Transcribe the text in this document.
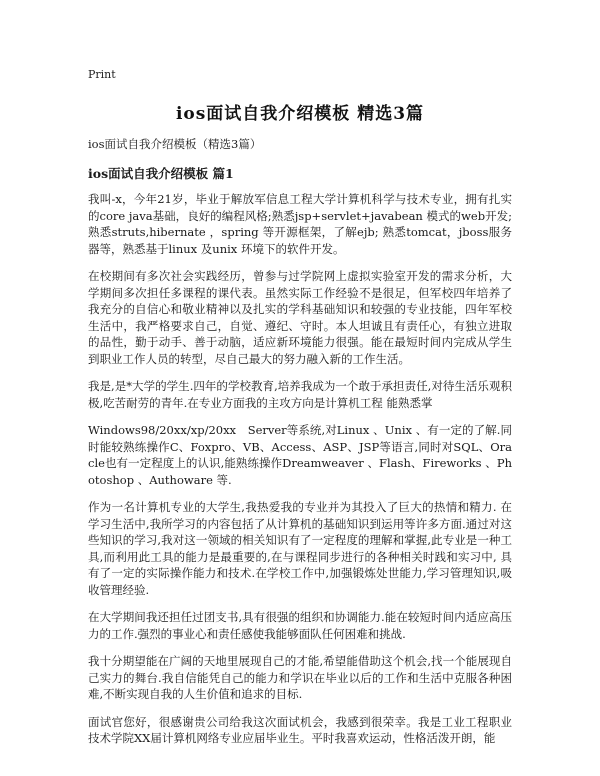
Print
ios面试自我介绍模板 精选3篇
ios面试自我介绍模板（精选3篇）
ios面试自我介绍模板 篇1

我叫-x，今年21岁，毕业于解放军信息工程大学计算机科学与技术专业，拥有扎实的core java基础，良好的编程风格;熟悉jsp+servlet+javabean 模式的web开发;熟悉struts,hibernate ，spring 等开源框架，了解ejb; 熟悉tomcat，jboss服务器等，熟悉基于linux 及unix 环境下的软件开发。

在校期间有多次社会实践经历，曾参与过学院网上虚拟实验室开发的需求分析，大学期间多次担任多课程的课代表。虽然实际工作经验不是很足，但军校四年培养了我充分的自信心和敬业精神以及扎实的学科基础知识和较强的专业技能，四年军校生活中，我严格要求自己，自觉、遵纪、守时。本人坦诚且有责任心，有独立进取的品性，勤于动手、善于动脑，适应新环境能力很强。能在最短时间内完成从学生到职业工作人员的转型，尽自己最大的努力融入新的工作生活。

我是,是*大学的学生.四年的学校教育,培养我成为一个敢于承担责任,对待生活乐观积极,吃苦耐劳的青年.在专业方面我的主攻方向是计算机工程 能熟悉掌

Windows98/20xx/xp/20xx　Server等系统,对Linux 、Unix 、有一定的了解.同时能较熟练操作C、Foxpro、VB、Access、ASP、JSP等语言,同时对SQL、Oracle也有一定程度上的认识,能熟练操作Dreamweaver 、Flash、Fireworks 、Photoshop 、Authoware 等.

作为一名计算机专业的大学生,我热爱我的专业并为其投入了巨大的热情和精力. 在学习生活中,我所学习的内容包括了从计算机的基础知识到运用等许多方面.通过对这些知识的学习,我对这一领域的相关知识有了一定程度的理解和掌握,此专业是一种工具,而利用此工具的能力是最重要的,在与课程同步进行的各种相关时践和实习中, 具有了一定的实际操作能力和技术.在学校工作中,加强锻炼处世能力,学习管理知识,吸收管理经验.

在大学期间我还担任过团支书,具有很强的组织和协调能力.能在较短时间内适应高压力的工作.强烈的事业心和责任感使我能够面队任何困难和挑战.

我十分期望能在广阔的天地里展现自己的才能,希望能借助这个机会,找一个能展现自己实力的舞台.我自信能凭自己的能力和学识在毕业以后的工作和生活中克服各种困难,不断实现自我的人生价值和追求的目标.

面试官您好，很感谢贵公司给我这次面试机会，我感到很荣幸。我是工业工程职业技术学院XX届计算机网络专业应届毕业生。平时我喜欢运动，性格活泼开朗，能
